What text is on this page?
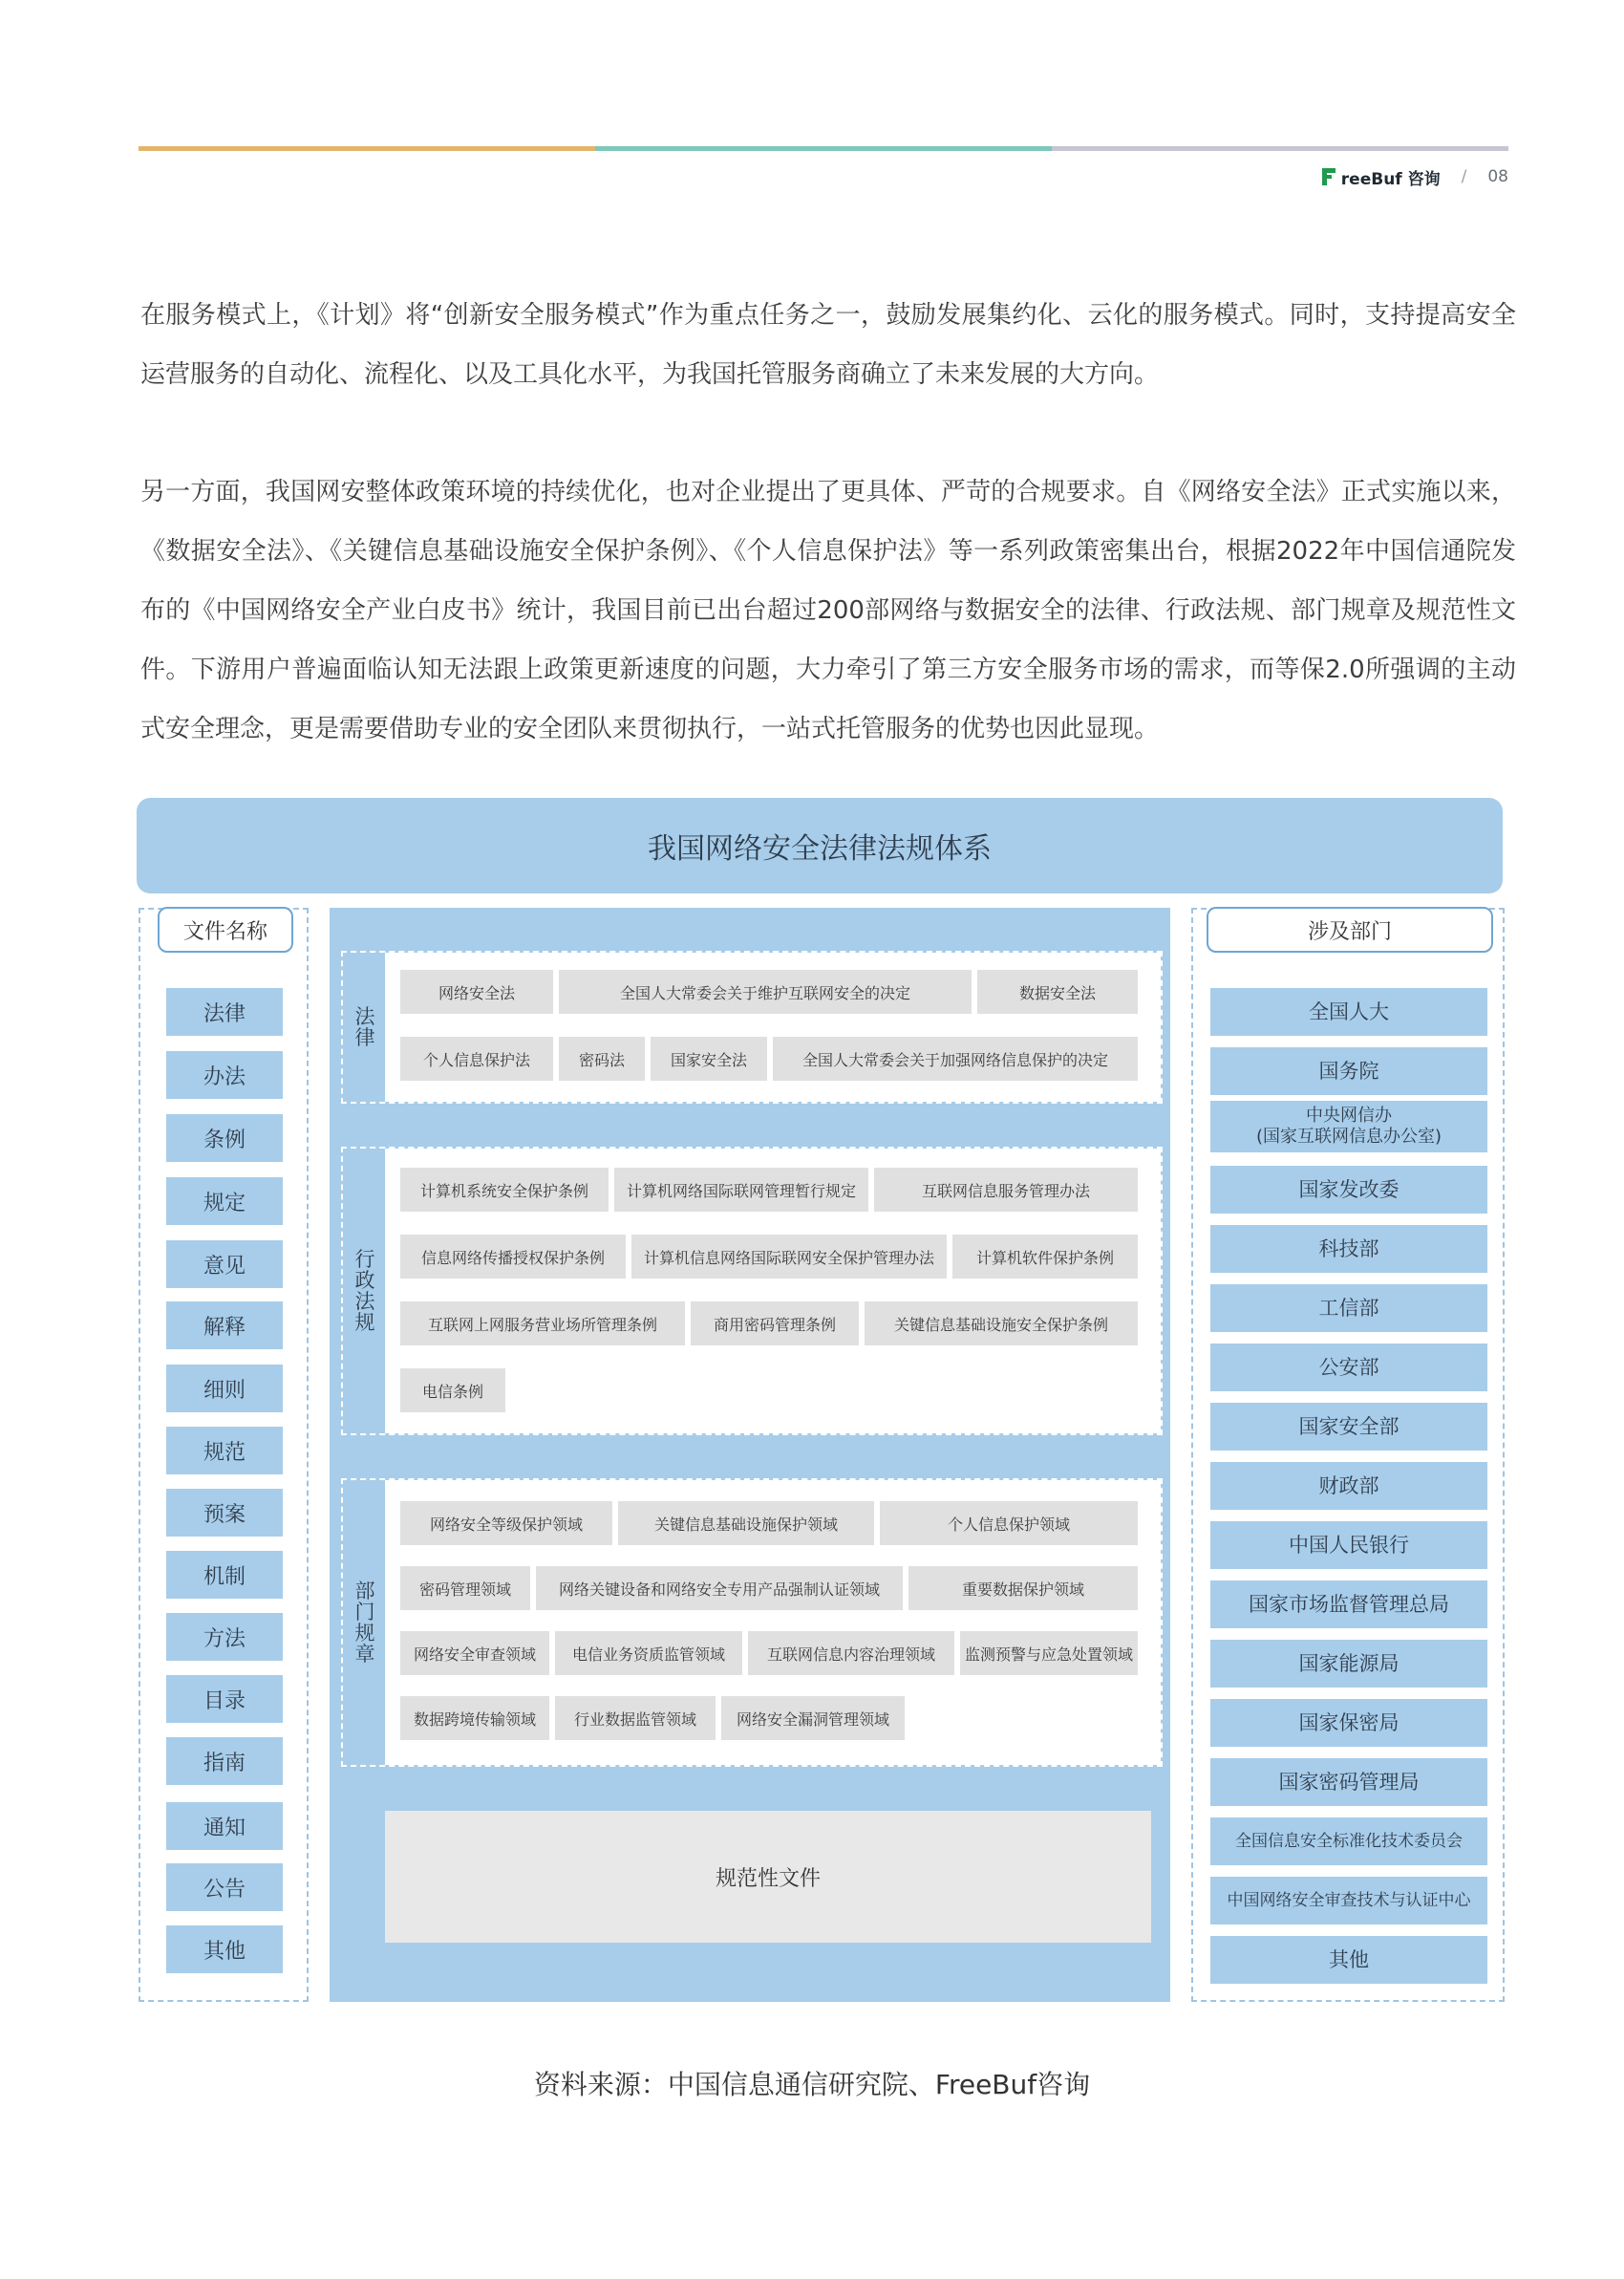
reeBuf 咨询 / 08

在服务模式上，《计划》将“创新安全服务模式”作为重点任务之一，鼓励发展集约化、云化的服务模式。同时，支持提高安全运营服务的自动化、流程化、以及工具化水平，为我国托管服务商确立了未来发展的大方向。

另一方面，我国网安整体政策环境的持续优化，也对企业提出了更具体、严苛的合规要求。自《网络安全法》正式实施以来，《数据安全法》、《关键信息基础设施安全保护条例》、《个人信息保护法》等一系列政策密集出台，根据2022年中国信通院发布的《中国网络安全产业白皮书》统计，我国目前已出台超过200部网络与数据安全的法律、行政法规、部门规章及规范性文件。下游用户普遍面临认知无法跟上政策更新速度的问题，大力牵引了第三方安全服务市场的需求，而等保2.0所强调的主动式安全理念，更是需要借助专业的安全团队来贯彻执行，一站式托管服务的优势也因此显现。

我国网络安全法律法规体系
文件名称
法律
办法
条例
规定
意见
解释
细则
规范
预案
机制
方法
目录
指南
通知
公告
其他
法
律
网络安全法	全国人大常委会关于维护互联网安全的决定	数据安全法
个人信息保护法	密码法	国家安全法	全国人大常委会关于加强网络信息保护的决定
行
政
法
规
计算机系统安全保护条例	计算机网络国际联网管理暂行规定	互联网信息服务管理办法
信息网络传播授权保护条例	计算机信息网络国际联网安全保护管理办法	计算机软件保护条例
互联网上网服务营业场所管理条例	商用密码管理条例	关键信息基础设施安全保护条例
电信条例
部
门
规
章
网络安全等级保护领域	关键信息基础设施保护领域	个人信息保护领域
密码管理领域	网络关键设备和网络安全专用产品强制认证领域	重要数据保护领域
网络安全审查领域	电信业务资质监管领域	互联网信息内容治理领域	监测预警与应急处置领域
数据跨境传输领域	行业数据监管领域	网络安全漏洞管理领域
规范性文件
涉及部门
全国人大
国务院
中央网信办
(国家互联网信息办公室)
国家发改委
科技部
工信部
公安部
国家安全部
财政部
中国人民银行
国家市场监督管理总局
国家能源局
国家保密局
国家密码管理局
全国信息安全标准化技术委员会
中国网络安全审查技术与认证中心
其他
资料来源：中国信息通信研究院、FreeBuf咨询
